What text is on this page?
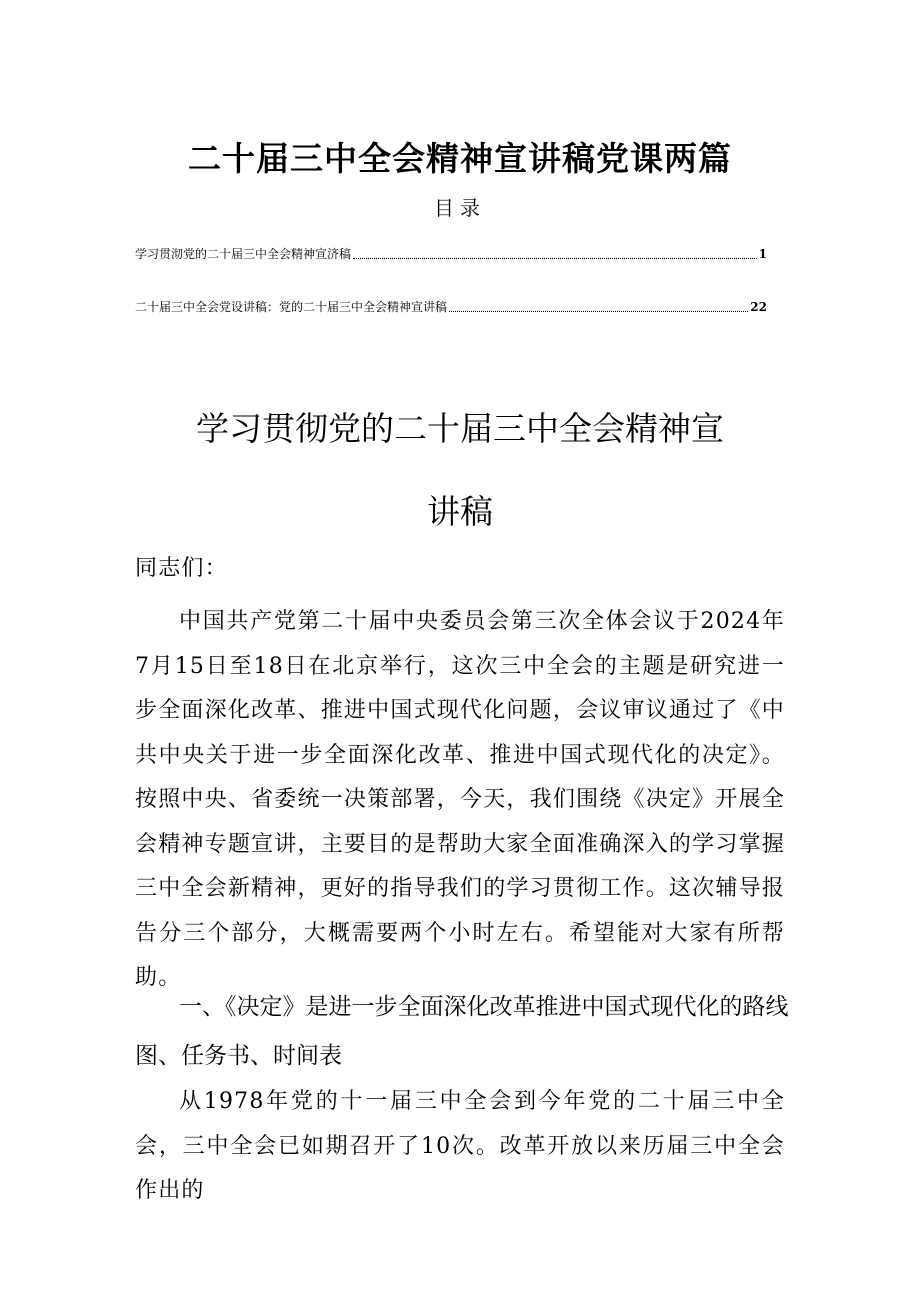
二十届三中全会精神宣讲稿党课两篇
目录
学习贯沏党的二十届三中全会精神宣济稿	1
二十届三中全会党设讲稿：党的二十届三中全会精神宣讲稿	22
学习贯彻党的二十届三中全会精神宣
讲稿
同志们：
中国共产党第二十届中央委员会第三次全体会议于2024年7月15日至18日在北京举行，这次三中全会的主题是研究进一步全面深化改革、推进中国式现代化问题，会议审议通过了《中共中央关于进一步全面深化改革、推进中国式现代化的决定》。按照中央、省委统一决策部署，今天，我们围绕《决定》开展全会精神专题宣讲，主要目的是帮助大家全面准确深入的学习掌握三中全会新精神，更好的指导我们的学习贯彻工作。这次辅导报告分三个部分，大概需要两个小时左右。希望能对大家有所帮助。
一、《决定》是进一步全面深化改革推进中国式现代化的路线图、任务书、时间表
从1978年党的十一届三中全会到今年党的二十届三中全会，三中全会已如期召开了10次。改革开放以来历届三中全会作出的
